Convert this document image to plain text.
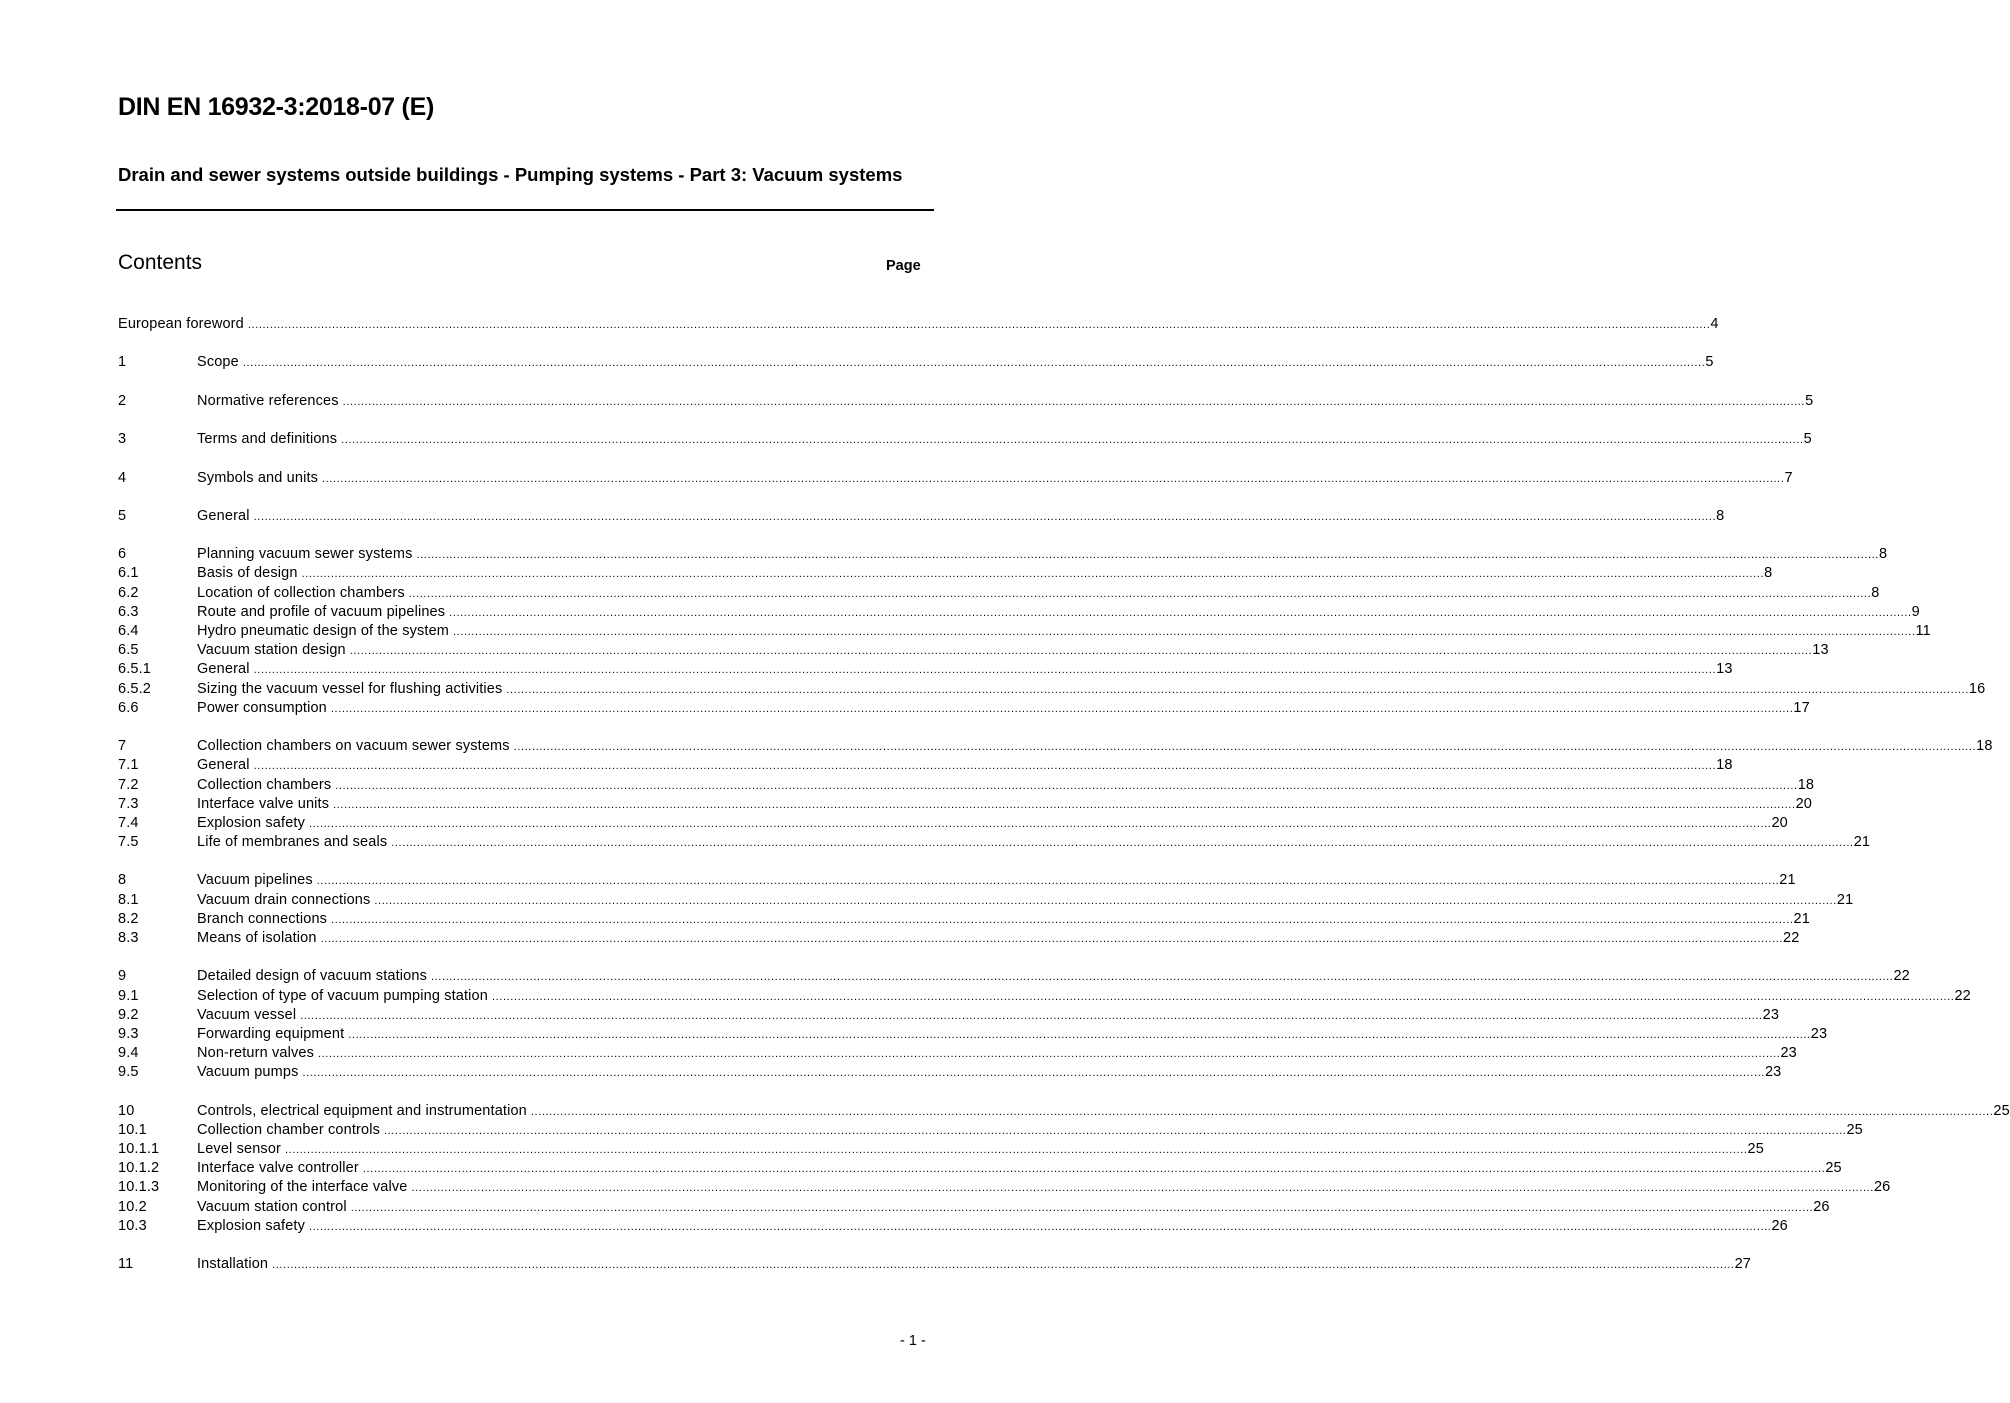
DIN EN 16932-3:2018-07 (E)
Drain and sewer systems outside buildings - Pumping systems - Part 3: Vacuum systems
Contents	Page
European foreword ................................................................................................................................................................................................................................................................................................................................................................................................................ 4
1	Scope ................................................................................................................................................................................................................................................................................................................................................................................................................ 5
2	Normative references ................................................................................................................................................................................................................................................................................................................................................................................................................ 5
3	Terms and definitions ................................................................................................................................................................................................................................................................................................................................................................................................................ 5
4	Symbols and units ................................................................................................................................................................................................................................................................................................................................................................................................................ 7
5	General ................................................................................................................................................................................................................................................................................................................................................................................................................ 8
6	Planning vacuum sewer systems ................................................................................................................................................................................................................................................................................................................................................................................................................ 8
6.1	Basis of design ................................................................................................................................................................................................................................................................................................................................................................................................................ 8
6.2	Location of collection chambers ................................................................................................................................................................................................................................................................................................................................................................................................................ 8
6.3	Route and profile of vacuum pipelines ................................................................................................................................................................................................................................................................................................................................................................................................................ 9
6.4	Hydro pneumatic design of the system ................................................................................................................................................................................................................................................................................................................................................................................................................ 11
6.5	Vacuum station design ................................................................................................................................................................................................................................................................................................................................................................................................................ 13
6.5.1	General ................................................................................................................................................................................................................................................................................................................................................................................................................ 13
6.5.2	Sizing the vacuum vessel for flushing activities ................................................................................................................................................................................................................................................................................................................................................................................................................ 16
6.6	Power consumption ................................................................................................................................................................................................................................................................................................................................................................................................................ 17
7	Collection chambers on vacuum sewer systems ................................................................................................................................................................................................................................................................................................................................................................................................................ 18
7.1	General ................................................................................................................................................................................................................................................................................................................................................................................................................ 18
7.2	Collection chambers ................................................................................................................................................................................................................................................................................................................................................................................................................ 18
7.3	Interface valve units ................................................................................................................................................................................................................................................................................................................................................................................................................ 20
7.4	Explosion safety ................................................................................................................................................................................................................................................................................................................................................................................................................ 20
7.5	Life of membranes and seals ................................................................................................................................................................................................................................................................................................................................................................................................................ 21
8	Vacuum pipelines ................................................................................................................................................................................................................................................................................................................................................................................................................ 21
8.1	Vacuum drain connections ................................................................................................................................................................................................................................................................................................................................................................................................................ 21
8.2	Branch connections ................................................................................................................................................................................................................................................................................................................................................................................................................ 21
8.3	Means of isolation ................................................................................................................................................................................................................................................................................................................................................................................................................ 22
9	Detailed design of vacuum stations ................................................................................................................................................................................................................................................................................................................................................................................................................ 22
9.1	Selection of type of vacuum pumping station ................................................................................................................................................................................................................................................................................................................................................................................................................ 22
9.2	Vacuum vessel ................................................................................................................................................................................................................................................................................................................................................................................................................ 23
9.3	Forwarding equipment ................................................................................................................................................................................................................................................................................................................................................................................................................ 23
9.4	Non-return valves ................................................................................................................................................................................................................................................................................................................................................................................................................ 23
9.5	Vacuum pumps ................................................................................................................................................................................................................................................................................................................................................................................................................ 23
10	Controls, electrical equipment and instrumentation ................................................................................................................................................................................................................................................................................................................................................................................................................ 25
10.1	Collection chamber controls ................................................................................................................................................................................................................................................................................................................................................................................................................ 25
10.1.1	Level sensor ................................................................................................................................................................................................................................................................................................................................................................................................................ 25
10.1.2	Interface valve controller ................................................................................................................................................................................................................................................................................................................................................................................................................ 25
10.1.3	Monitoring of the interface valve ................................................................................................................................................................................................................................................................................................................................................................................................................ 26
10.2	Vacuum station control ................................................................................................................................................................................................................................................................................................................................................................................................................ 26
10.3	Explosion safety ................................................................................................................................................................................................................................................................................................................................................................................................................ 26
11	Installation ................................................................................................................................................................................................................................................................................................................................................................................................................ 27
- 1 -
